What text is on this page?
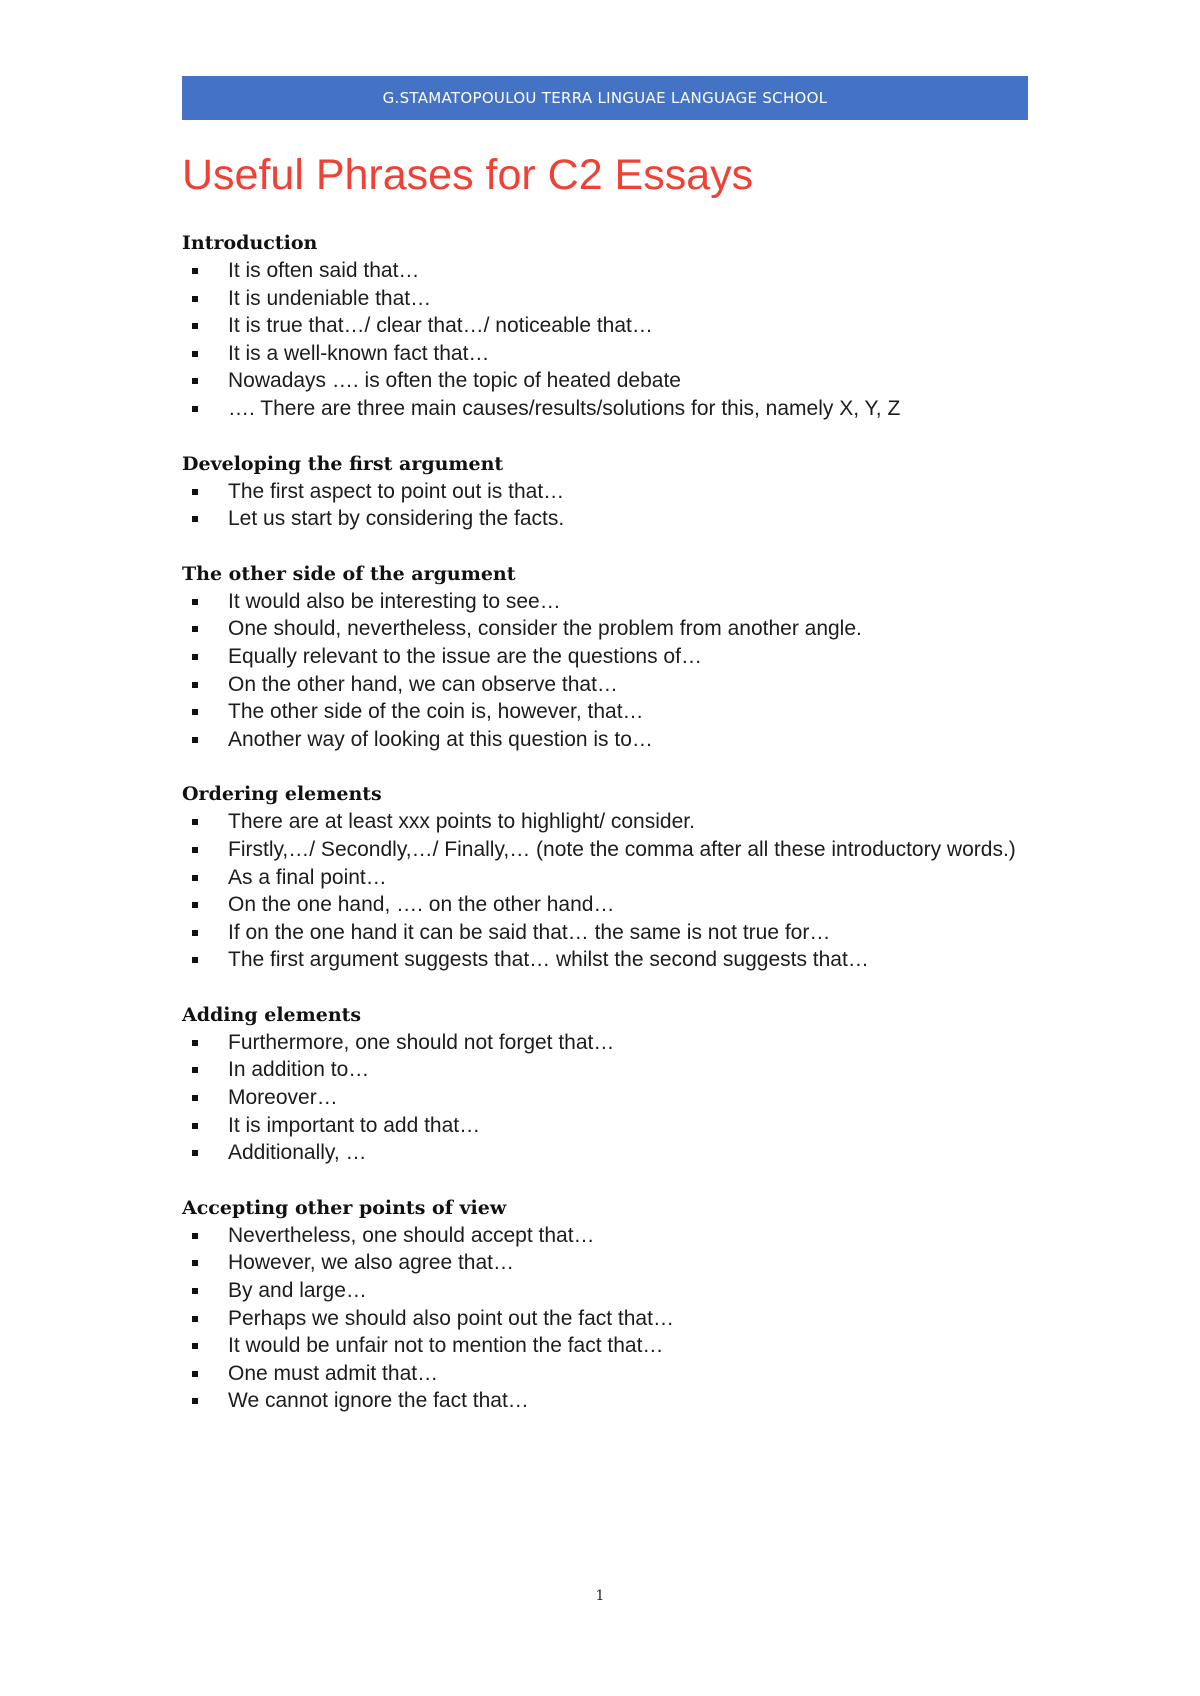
G.STAMATOPOULOU TERRA LINGUAE LANGUAGE SCHOOL
Useful Phrases for C2 Essays
Introduction
It is often said that…
It is undeniable that…
It is true that…/ clear that…/ noticeable that…
It is a well-known fact that…
Nowadays …. is often the topic of heated debate
…. There are three main causes/results/solutions for this, namely X, Y, Z
Developing the first argument
The first aspect to point out is that…
Let us start by considering the facts.
The other side of the argument
It would also be interesting to see…
One should, nevertheless, consider the problem from another angle.
Equally relevant to the issue are the questions of…
On the other hand, we can observe that…
The other side of the coin is, however, that…
Another way of looking at this question is to…
Ordering elements
There are at least xxx points to highlight/ consider.
Firstly,…/ Secondly,…/ Finally,… (note the comma after all these introductory words.)
As a final point…
On the one hand, …. on the other hand…
If on the one hand it can be said that… the same is not true for…
The first argument suggests that… whilst the second suggests that…
Adding elements
Furthermore, one should not forget that…
In addition to…
Moreover…
It is important to add that…
Additionally, …
Accepting other points of view
Nevertheless, one should accept that…
However, we also agree that…
By and large…
Perhaps we should also point out the fact that…
It would be unfair not to mention the fact that…
One must admit that…
We cannot ignore the fact that…
1
